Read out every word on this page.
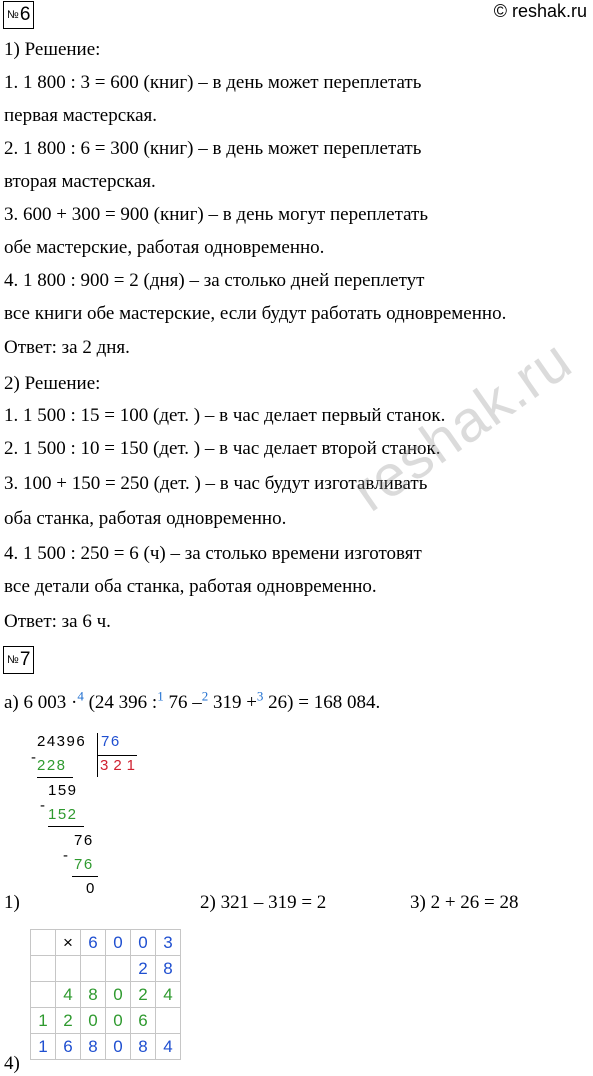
№6	© reshak.ru
1) Решение:
1. 1 800 : 3 = 600 (книг) – в день может переплетать
первая мастерская.
2. 1 800 : 6 = 300 (книг) – в день может переплетать
вторая мастерская.
3. 600 + 300 = 900 (книг) – в день могут переплетать
обе мастерские, работая одновременно.
4. 1 800 : 900 = 2 (дня) – за столько дней переплетут
все книги обе мастерские, если будут работать одновременно.
Ответ: за 2 дня.
2) Решение:
1. 1 500 : 15 = 100 (дет. ) – в час делает первый станок.
2. 1 500 : 10 = 150 (дет. ) – в час делает второй станок.
3. 100 + 150 = 250 (дет. ) – в час будут изготавливать
оба станка, работая одновременно.
4. 1 500 : 250 = 6 (ч) – за столько времени изготовят
все детали оба станка, работая одновременно.
Ответ: за 6 ч.
reshak.ru
№7
а) 6 003 ·$^4$ (24 396 :$^1$ 76 –$^2$ 319 +$^3$ 26) = 168 084.
24396 76
- 228 321
159
-
152
76
-
76
0
1)	2) 321 – 319 = 2	3) 2 + 26 = 28
	×	6	0	0	3
				2	8
	4	8	0	2	4
1	2	0	0	6	
1	6	8	0	8	4
4)
